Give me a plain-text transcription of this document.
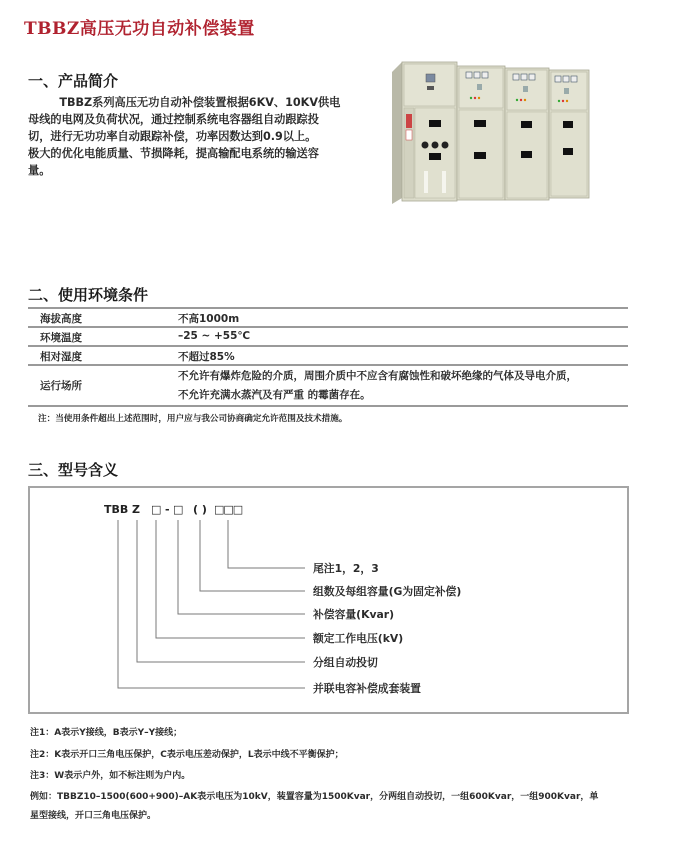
TBBZ高压无功自动补偿装置
一、产品简介

TBBZ系列高压无功自动补偿装置根据6KV、10KV供电

母线的电网及负荷状况，通过控制系统电容器组自动跟踪投
切，进行无功功率自动跟踪补偿，功率因数达到0.9以上。
极大的优化电能质量、节损降耗，提高输配电系统的输送容
量。
二、使用环境条件
海拔高度	不高1000m
环境温度	–25 ~ +55℃
相对湿度	不超过85%
运行场所
不允许有爆炸危险的介质，周围介质中不应含有腐蚀性和破坏绝缘的气体及导电介质，
不允许充满水蒸汽及有严重 的霉菌存在。
注：当使用条件超出上述范围时，用户应与我公司协商确定允许范围及技术措施。
三、型号含义
TBB Z □ - □ ( ) □□□
尾注1，2，3
组数及每组容量(G为固定补偿)
补偿容量(Kvar)
额定工作电压(kV)
分组自动投切
并联电容补偿成套装置
注1：A表示Y接线，B表示Y–Y接线；
注2：K表示开口三角电压保护，C表示电压差动保护，L表示中线不平衡保护；
注3：W表示户外，如不标注则为户内。
例如：TBBZ10–1500(600+900)–AK表示电压为10kV，装置容量为1500Kvar，分两组自动投切，一组600Kvar，一组900Kvar，单
星型接线，开口三角电压保护。
